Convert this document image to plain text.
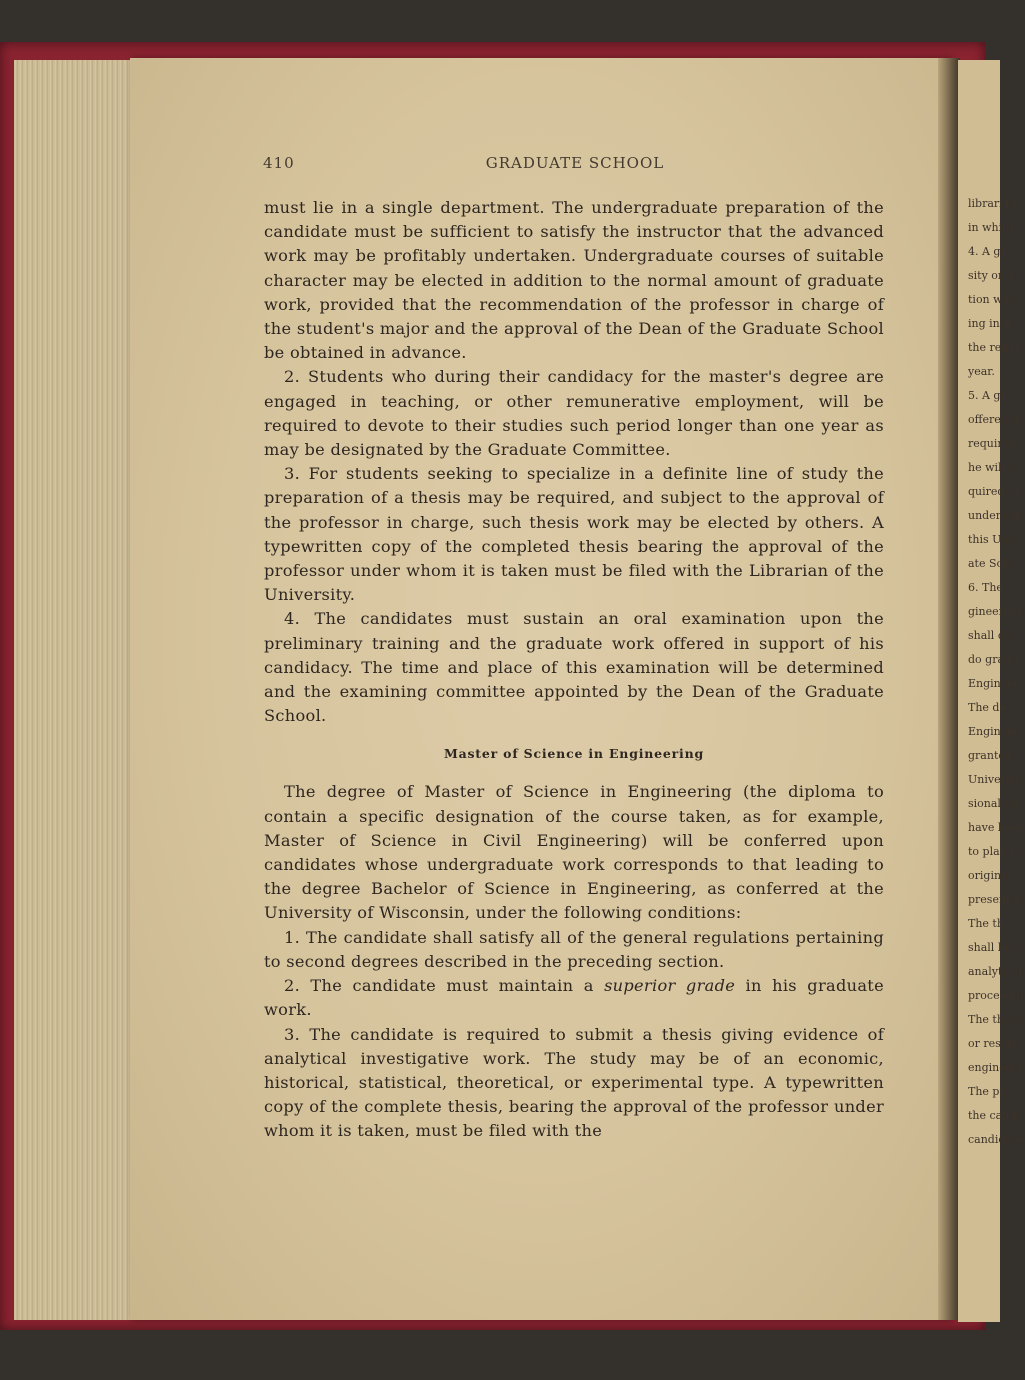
librarian
in which
4. A gr
sity or a
tion who
ing in w
the requi
year.
5. A gr
offered in
required
he will b
quired to
undergra
this Univ
ate Scho
6. The
gineering
shall det
do gradu
Engineer
The de
Engineer,
granted
Universit
sional an
have been
to plan c
original
present a
The th
shall be
analytical
proceedin
The thesi
or resear
engineeri
The pr
the candi
candidate
410	GRADUATE SCHOOL

must lie in a single department. The undergraduate preparation of the candidate must be sufficient to satisfy the instructor that the advanced work may be profitably undertaken. Undergraduate courses of suitable character may be elected in addition to the normal amount of graduate work, provided that the recommendation of the professor in charge of the student's major and the approval of the Dean of the Graduate School be obtained in advance.

2. Students who during their candidacy for the master's degree are engaged in teaching, or other remunerative employment, will be required to devote to their studies such period longer than one year as may be designated by the Graduate Committee.

3. For students seeking to specialize in a definite line of study the preparation of a thesis may be required, and subject to the approval of the professor in charge, such thesis work may be elected by others. A typewritten copy of the completed thesis bearing the approval of the professor under whom it is taken must be filed with the Librarian of the University.

4. The candidates must sustain an oral examination upon the preliminary training and the graduate work offered in support of his candidacy. The time and place of this examination will be determined and the examining committee appointed by the Dean of the Graduate School.

Master of Science in Engineering

The degree of Master of Science in Engineering (the diploma to contain a specific designation of the course taken, as for example, Master of Science in Civil Engineering) will be conferred upon candidates whose undergraduate work corresponds to that leading to the degree Bachelor of Science in Engineering, as conferred at the University of Wisconsin, under the following conditions:

1. The candidate shall satisfy all of the general regulations pertaining to second degrees described in the preceding section.

2. The candidate must maintain a superior grade in his graduate work.

3. The candidate is required to submit a thesis giving evidence of analytical investigative work. The study may be of an economic, historical, statistical, theoretical, or experimental type. A typewritten copy of the complete thesis, bearing the approval of the professor under whom it is taken, must be filed with the
